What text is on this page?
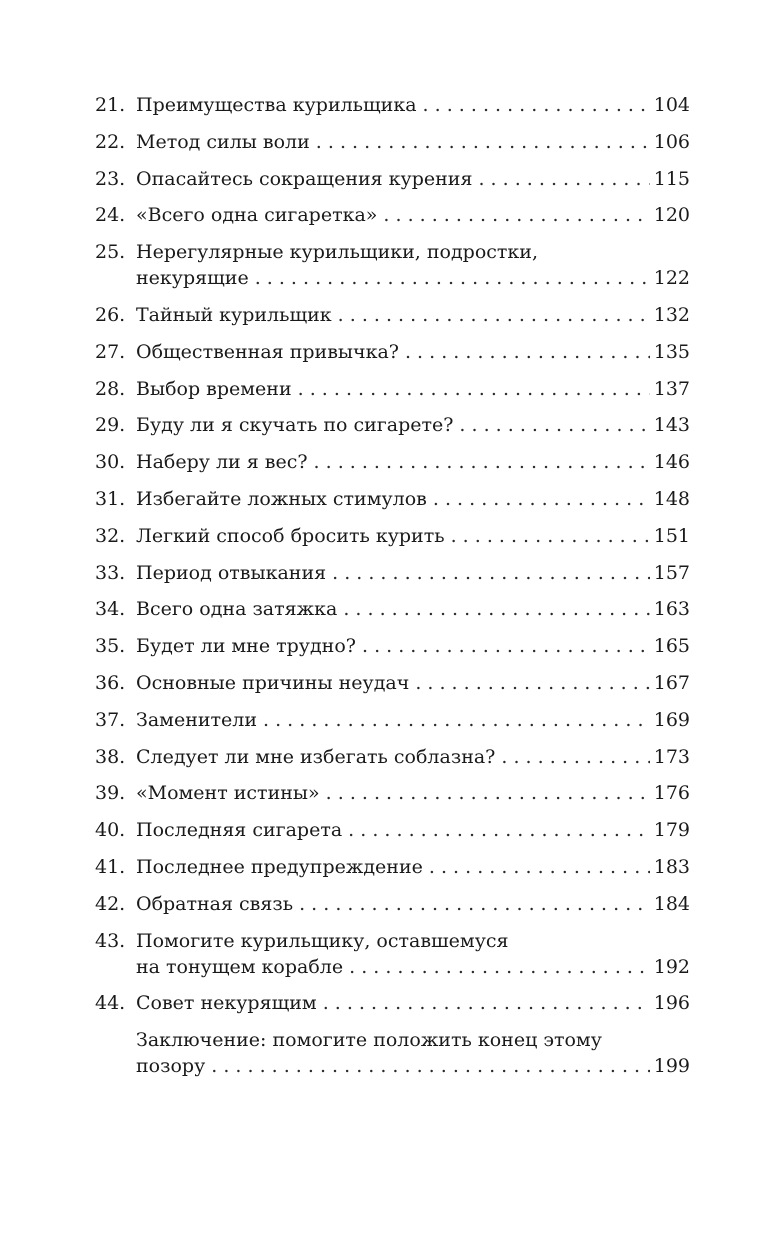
21. Преимущества курильщика . . .	104
22. Метод силы воли . . .	106
23. Опасайтесь сокращения курения . . .	115
24. «Всего одна сигаретка» . . .	120
25. Нерегулярные курильщики, подростки,
некурящие . . .	122
26. Тайный курильщик . . .	132
27. Общественная привычка? . . .	135
28. Выбор времени . . .	137
29. Буду ли я скучать по сигарете? . . .	143
30. Наберу ли я вес? . . .	146
31. Избегайте ложных стимулов . . .	148
32. Легкий способ бросить курить . . .	151
33. Период отвыкания . . .	157
34. Всего одна затяжка . . .	163
35. Будет ли мне трудно? . . .	165
36. Основные причины неудач . . .	167
37. Заменители . . .	169
38. Следует ли мне избегать соблазна? . . .	173
39. «Момент истины» . . .	176
40. Последняя сигарета . . .	179
41. Последнее предупреждение . . .	183
42. Обратная связь . . .	184
43. Помогите курильщику, оставшемуся
на тонущем корабле . . .	192
44. Совет некурящим . . .	196
Заключение: помогите положить конец этому
позору . . .	199
